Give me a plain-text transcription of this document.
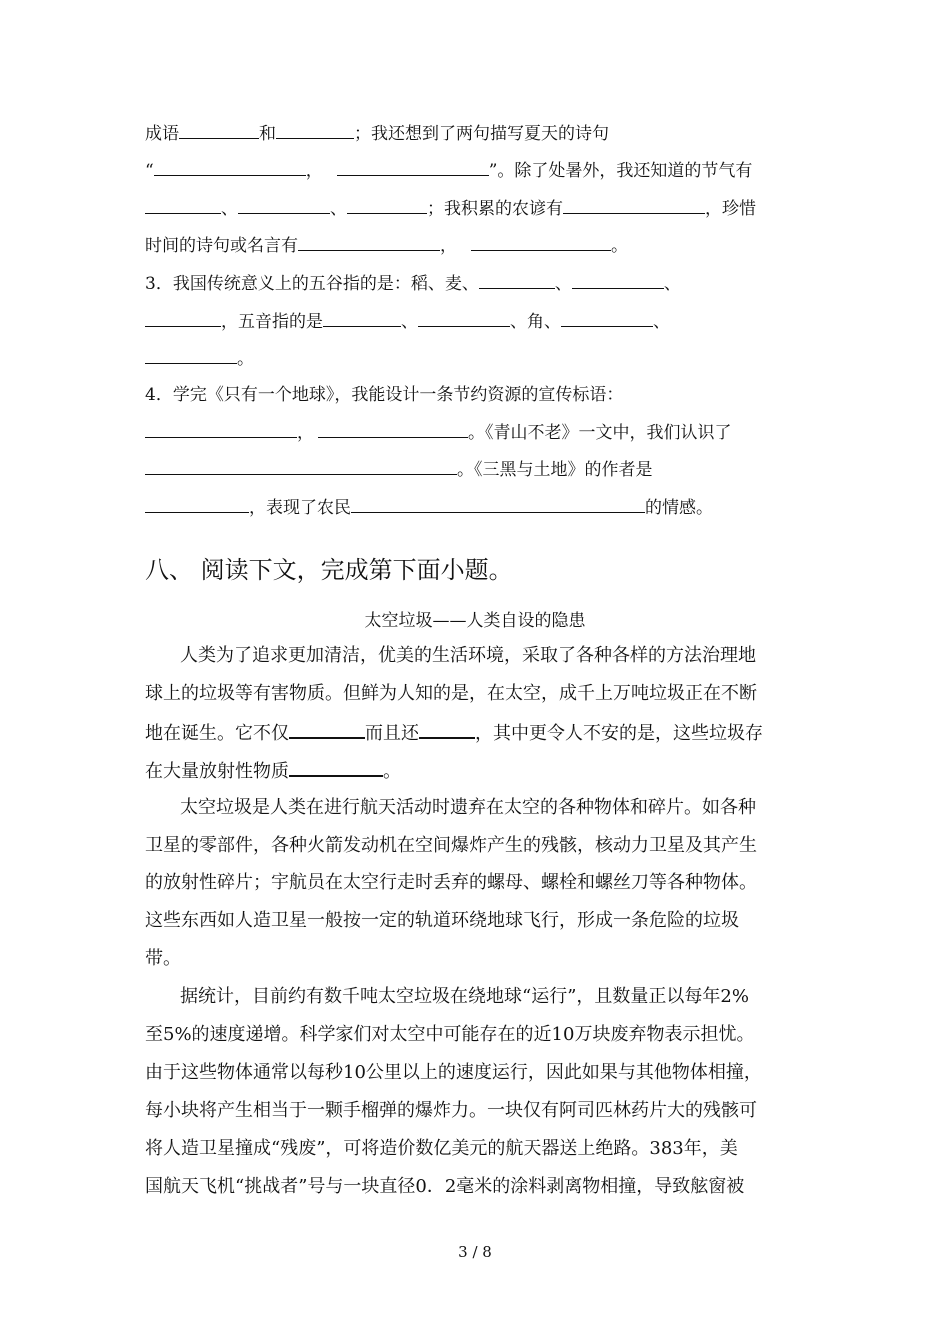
成语	和	；我还想到了两句描写夏天的诗句
“	，	”。除了处暑外，我还知道的节气有
、	、	；我积累的农谚有	，珍惜
时间的诗句或名言有	，	。
3．我国传统意义上的五谷指的是：稻、麦、	、	、
，五音指的是	、	、角、	、
。
4．学完《只有一个地球》，我能设计一条节约资源的宣传标语：
，	。《青山不老》一文中，我们认识了
。《三黑与土地》的作者是
，表现了农民	的情感。
八、 阅读下文，完成第下面小题。
太空垃圾——人类自设的隐患
人类为了追求更加清洁，优美的生活环境，采取了各种各样的方法治理地
球上的垃圾等有害物质。但鲜为人知的是，在太空，成千上万吨垃圾正在不断
地在诞生。它不仅	而且还	，其中更令人不安的是，这些垃圾存
在大量放射性物质	。
太空垃圾是人类在进行航天活动时遗弃在太空的各种物体和碎片。如各种
卫星的零部件，各种火箭发动机在空间爆炸产生的残骸，核动力卫星及其产生
的放射性碎片；宇航员在太空行走时丢弃的螺母、螺栓和螺丝刀等各种物体。
这些东西如人造卫星一般按一定的轨道环绕地球飞行，形成一条危险的垃圾
带。
据统计，目前约有数千吨太空垃圾在绕地球“运行”，且数量正以每年2%
至5%的速度递增。科学家们对太空中可能存在的近10万块废弃物表示担忧。
由于这些物体通常以每秒10公里以上的速度运行，因此如果与其他物体相撞，
每小块将产生相当于一颗手榴弹的爆炸力。一块仅有阿司匹林药片大的残骸可
将人造卫星撞成“残废”，可将造价数亿美元的航天器送上绝路。383年，美
国航天飞机“挑战者”号与一块直径0．2毫米的涂料剥离物相撞，导致舷窗被
3 / 8
